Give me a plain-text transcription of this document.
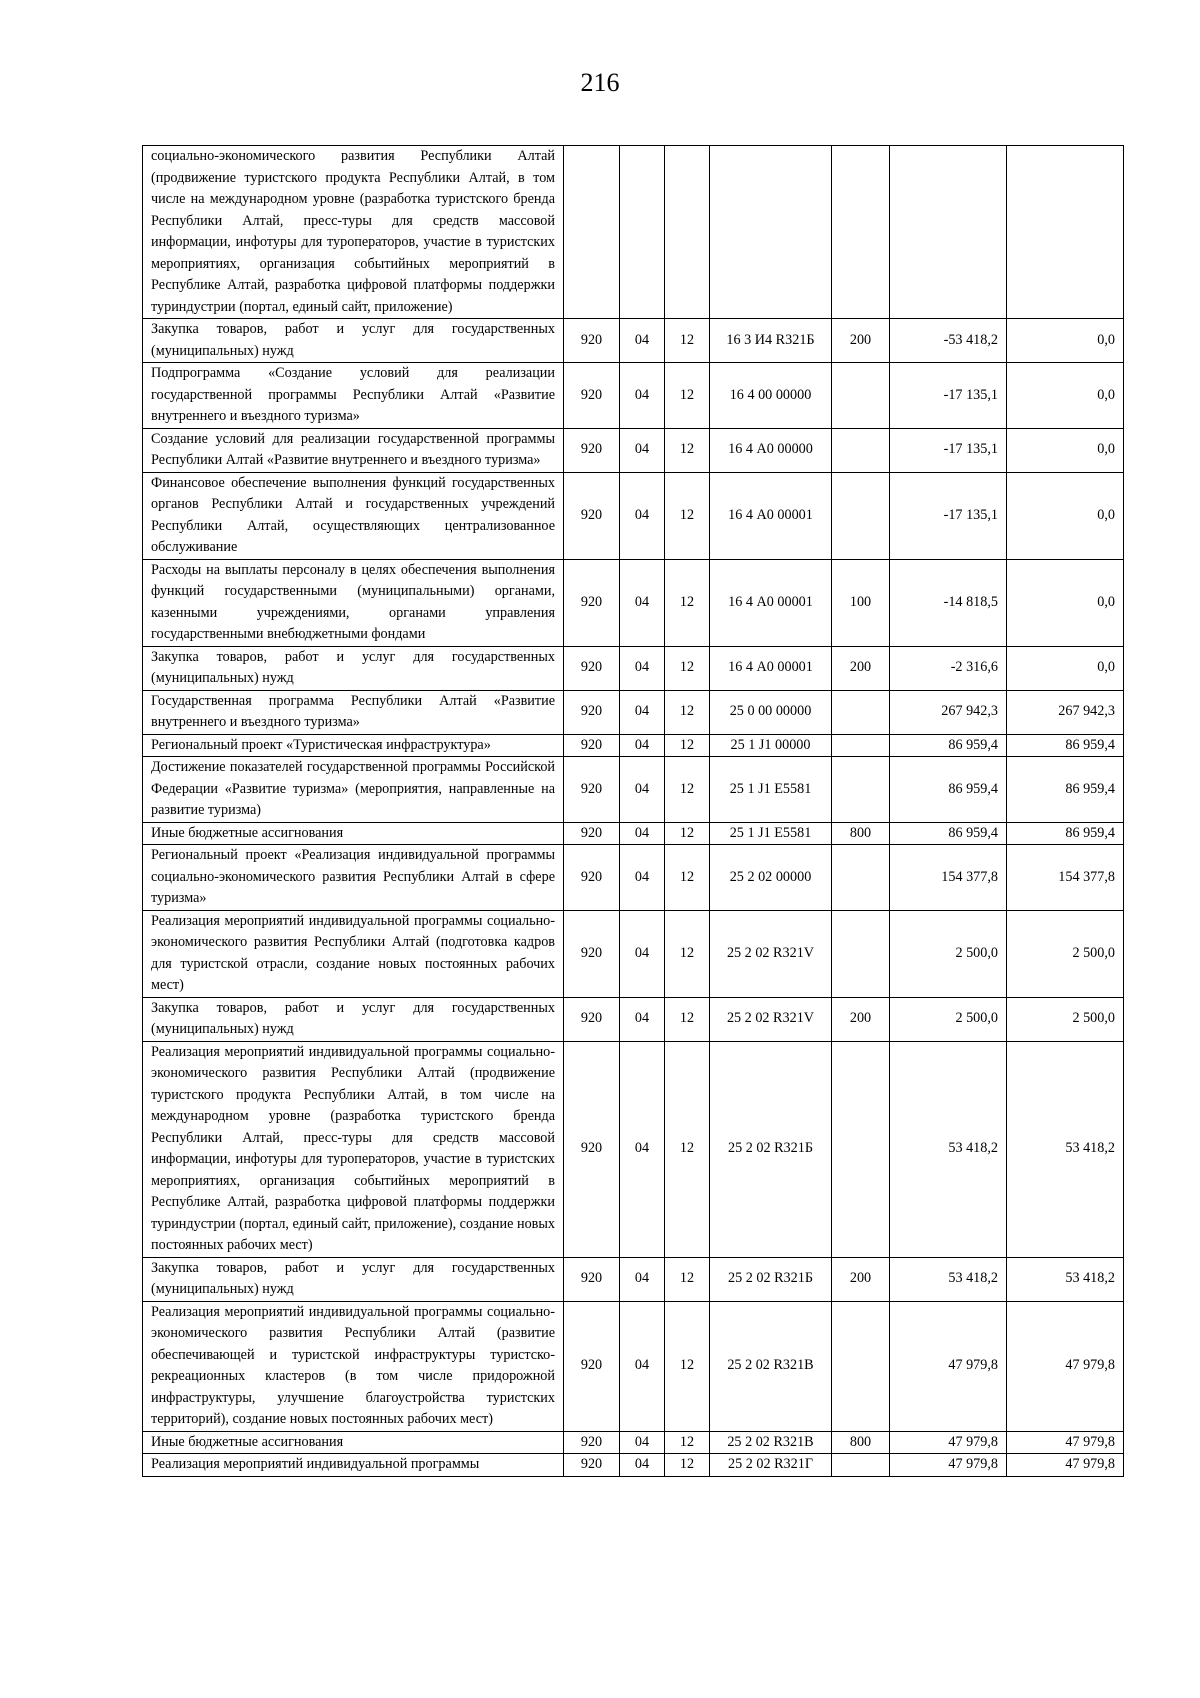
216
социально-экономического развития Республики Алтай (продвижение туристского продукта Республики Алтай, в том числе на международном уровне (разработка туристского бренда Республики Алтай, пресс-туры для средств массовой информации, инфотуры для туроператоров, участие в туристских мероприятиях, организация событийных мероприятий в Республике Алтай, разработка цифровой платформы поддержки туриндустрии (портал, единый сайт, приложение)							
Закупка товаров, работ и услуг для государственных (муниципальных) нужд	920	04	12	16 3 И4 R321Б	200	-53 418,2	0,0
Подпрограмма «Создание условий для реализации государственной программы Республики Алтай «Развитие внутреннего и въездного туризма»	920	04	12	16 4 00 00000		-17 135,1	0,0
Создание условий для реализации государственной программы Республики Алтай «Развитие внутреннего и въездного туризма»	920	04	12	16 4 А0 00000		-17 135,1	0,0
Финансовое обеспечение выполнения функций государственных органов Республики Алтай и государственных учреждений Республики Алтай, осуществляющих централизованное обслуживание	920	04	12	16 4 А0 00001		-17 135,1	0,0
Расходы на выплаты персоналу в целях обеспечения выполнения функций государственными (муниципальными) органами, казенными учреждениями, органами управления государственными внебюджетными фондами	920	04	12	16 4 А0 00001	100	-14 818,5	0,0
Закупка товаров, работ и услуг для государственных (муниципальных) нужд	920	04	12	16 4 А0 00001	200	-2 316,6	0,0
Государственная программа Республики Алтай «Развитие внутреннего и въездного туризма»	920	04	12	25 0 00 00000		267 942,3	267 942,3
Региональный проект «Туристическая инфраструктура»	920	04	12	25 1 J1 00000		86 959,4	86 959,4
Достижение показателей государственной программы Российской Федерации «Развитие туризма» (мероприятия, направленные на развитие туризма)	920	04	12	25 1 J1 E5581		86 959,4	86 959,4
Иные бюджетные ассигнования	920	04	12	25 1 J1 E5581	800	86 959,4	86 959,4
Региональный проект «Реализация индивидуальной программы социально-экономического развития Республики Алтай в сфере туризма»	920	04	12	25 2 02 00000		154 377,8	154 377,8
Реализация мероприятий индивидуальной программы социально-экономического развития Республики Алтай (подготовка кадров для туристской отрасли, создание новых постоянных рабочих мест)	920	04	12	25 2 02 R321V		2 500,0	2 500,0
Закупка товаров, работ и услуг для государственных (муниципальных) нужд	920	04	12	25 2 02 R321V	200	2 500,0	2 500,0
Реализация мероприятий индивидуальной программы социально-экономического развития Республики Алтай (продвижение туристского продукта Республики Алтай, в том числе на международном уровне (разработка туристского бренда Республики Алтай, пресс-туры для средств массовой информации, инфотуры для туроператоров, участие в туристских мероприятиях, организация событийных мероприятий в Республике Алтай, разработка цифровой платформы поддержки туриндустрии (портал, единый сайт, приложение), создание новых постоянных рабочих мест)	920	04	12	25 2 02 R321Б		53 418,2	53 418,2
Закупка товаров, работ и услуг для государственных (муниципальных) нужд	920	04	12	25 2 02 R321Б	200	53 418,2	53 418,2
Реализация мероприятий индивидуальной программы социально-экономического развития Республики Алтай (развитие обеспечивающей и туристской инфраструктуры туристско-рекреационных кластеров (в том числе придорожной инфраструктуры, улучшение благоустройства туристских территорий), создание новых постоянных рабочих мест)	920	04	12	25 2 02 R321В		47 979,8	47 979,8
Иные бюджетные ассигнования	920	04	12	25 2 02 R321В	800	47 979,8	47 979,8
Реализация мероприятий индивидуальной программы	920	04	12	25 2 02 R321Г		47 979,8	47 979,8
